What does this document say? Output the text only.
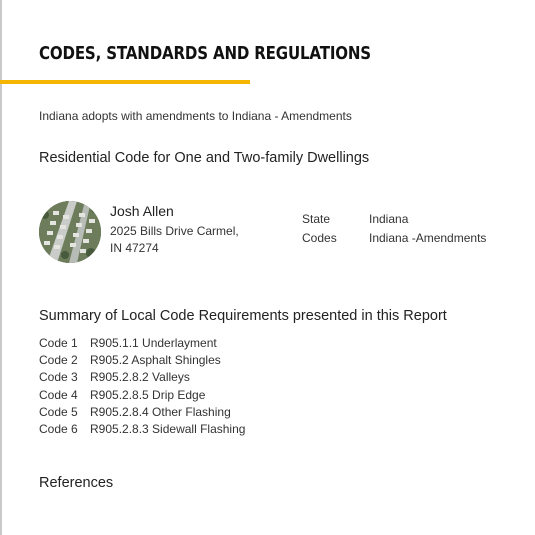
CODES, STANDARDS AND REGULATIONS
Indiana adopts with amendments to Indiana - Amendments
Residential Code for One and Two-family Dwellings
Josh Allen
2025 Bills Drive Carmel,
IN 47274
State	Indiana
Codes	Indiana -Amendments
Summary of Local Code Requirements presented in this Report
Code 1	R905.1.1 Underlayment
Code 2	R905.2 Asphalt Shingles
Code 3	R905.2.8.2 Valleys
Code 4	R905.2.8.5 Drip Edge
Code 5	R905.2.8.4 Other Flashing
Code 6	R905.2.8.3 Sidewall Flashing
References
